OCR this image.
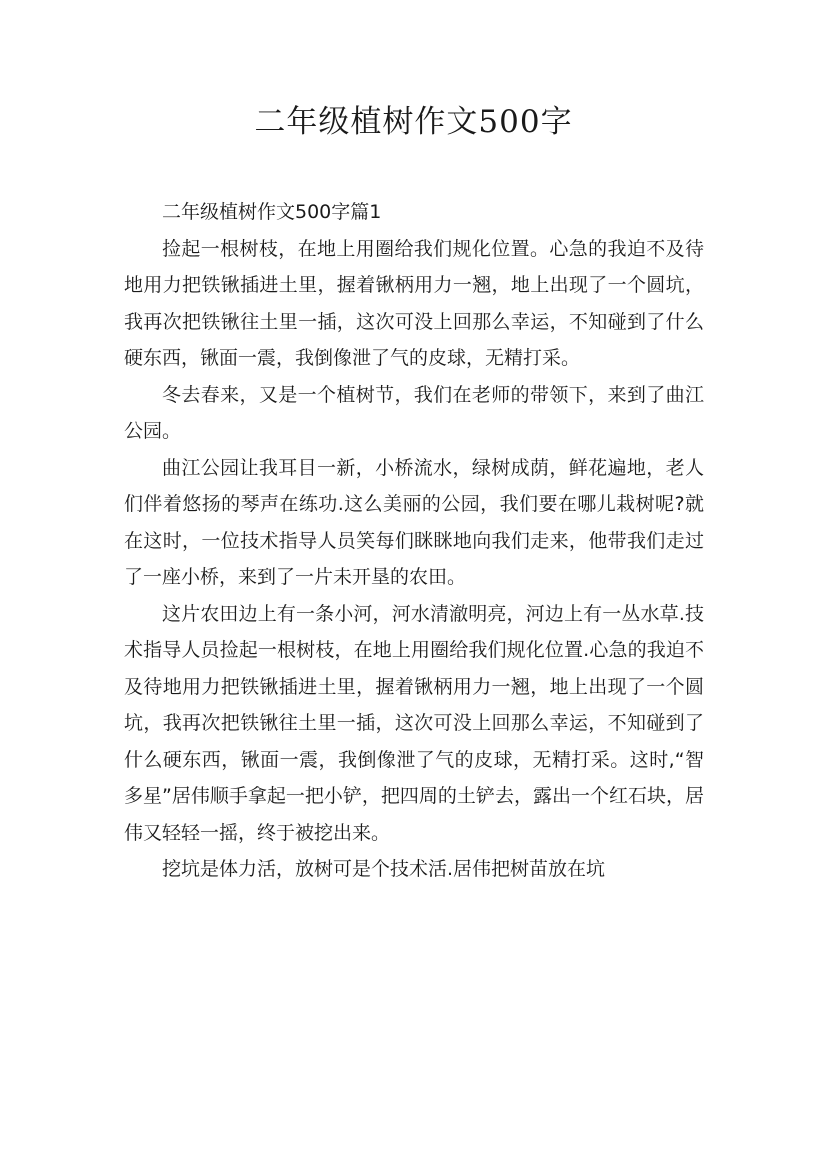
二年级植树作文500字

二年级植树作文500字篇1

捡起一根树枝，在地上用圈给我们规化位置。心急的我迫不及待地用力把铁锹插进土里，握着锹柄用力一翘，地上出现了一个圆坑，我再次把铁锹往土里一插，这次可没上回那么幸运，不知碰到了什么硬东西，锹面一震，我倒像泄了气的皮球，无精打采。

冬去春来，又是一个植树节，我们在老师的带领下，来到了曲江公园。

曲江公园让我耳目一新，小桥流水，绿树成荫，鲜花遍地，老人们伴着悠扬的琴声在练功.这么美丽的公园，我们要在哪儿栽树呢?就在这时，一位技术指导人员笑每们眯眯地向我们走来，他带我们走过了一座小桥，来到了一片未开垦的农田。

这片农田边上有一条小河，河水清澈明亮，河边上有一丛水草.技术指导人员捡起一根树枝，在地上用圈给我们规化位置.心急的我迫不及待地用力把铁锹插进土里，握着锹柄用力一翘，地上出现了一个圆坑，我再次把铁锹往土里一插，这次可没上回那么幸运，不知碰到了什么硬东西，锹面一震，我倒像泄了气的皮球，无精打采。这时,“智多星”居伟顺手拿起一把小铲，把四周的土铲去，露出一个红石块，居伟又轻轻一摇，终于被挖出来。

挖坑是体力活，放树可是个技术活.居伟把树苗放在坑
